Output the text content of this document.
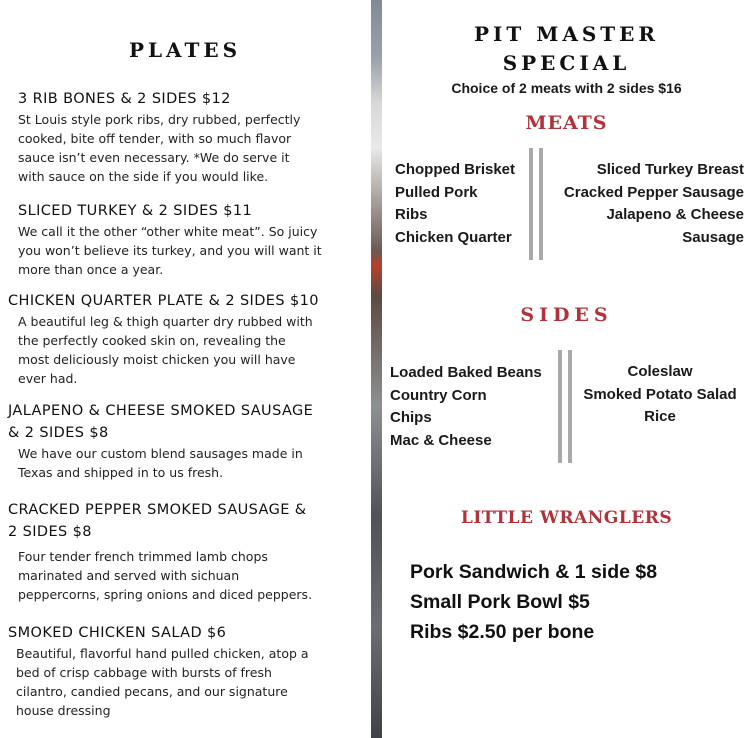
PLATES
3 RIB BONES & 2 SIDES $12
St Louis style pork ribs, dry rubbed, perfectly
cooked, bite off tender, with so much flavor
sauce isn’t even necessary. *We do serve it
with sauce on the side if you would like.
SLICED TURKEY & 2 SIDES $11
We call it the other “other white meat”. So juicy
you won’t believe its turkey, and you will want it
more than once a year.
CHICKEN QUARTER PLATE & 2 SIDES $10
A beautiful leg & thigh quarter dry rubbed with
the perfectly cooked skin on, revealing the
most deliciously moist chicken you will have
ever had.
JALAPENO & CHEESE SMOKED SAUSAGE
& 2 SIDES $8
We have our custom blend sausages made in
Texas and shipped in to us fresh.
CRACKED PEPPER SMOKED SAUSAGE &
2 SIDES $8
Four tender french trimmed lamb chops
marinated and served with sichuan
peppercorns, spring onions and diced peppers.
SMOKED CHICKEN SALAD $6
Beautiful, flavorful hand pulled chicken, atop a
bed of crisp cabbage with bursts of fresh
cilantro, candied pecans, and our signature
house dressing
PIT MASTER
SPECIAL
Choice of 2 meats with 2 sides $16
MEATS
Chopped Brisket
Pulled Pork
Ribs
Chicken Quarter
Sliced Turkey Breast
Cracked Pepper Sausage
Jalapeno & Cheese
Sausage
SIDES
Loaded Baked Beans
Country Corn
Chips
Mac & Cheese
Coleslaw
Smoked Potato Salad
Rice
LITTLE WRANGLERS
Pork Sandwich & 1 side $8
Small Pork Bowl $5
Ribs $2.50 per bone
